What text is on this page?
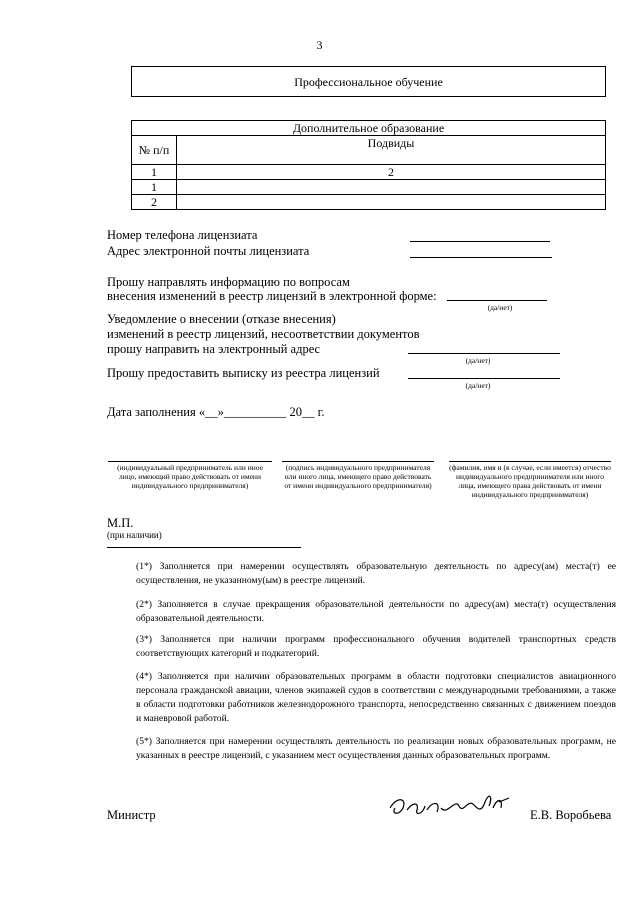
3
Профессиональное обучение
Дополнительное образование	
№ п/п	Подвиды
1	2
1	
2	
Номер телефона лицензиата
Адрес электронной почты лицензиата
Прошу направлять информацию по вопросам
внесения изменений в реестр лицензий в электронной форме:
(да/нет)
Уведомление о внесении (отказе внесения)
изменений в реестр лицензий, несоответствии документов
прошу направить на электронный адрес
(да/нет)
Прошу предоставить выписку из реестра лицензий
(да/нет)
Дата заполнения «__»__________ 20__ г.
(индивидуальный предприниматель или иное лицо, имеющий право действовать от имени индивидуального предпринимателя)
(подпись индивидуального предпринимателя или иного лица, имеющего право действовать от имени индивидуального предпринимателя)
(фамилия, имя и (в случае, если имеется) отчество индивидуального предпринимателя или иного лица, имеющего права действовать от имени индивидуального предпринимателя)
М.П.
(при наличии)
(1*) Заполняется при намерении осуществлять образовательную деятельность по адресу(ам) места(т) ее осуществления, не указанному(ым) в реестре лицензий.
(2*) Заполняется в случае прекращения образовательной деятельности по адресу(ам) места(т) осуществления образовательной деятельности.
(3*) Заполняется при наличии программ профессионального обучения водителей транспортных средств соответствующих категорий и подкатегорий.
(4*) Заполняется при наличии образовательных программ в области подготовки специалистов авиационного персонала гражданской авиации, членов экипажей судов в соответствии с международными требованиями, а также в области подготовки работников железнодорожного транспорта, непосредственно связанных с движением поездов и маневровой работой.
(5*) Заполняется при намерении осуществлять деятельность по реализации новых образовательных программ, не указанных в реестре лицензий, с указанием мест осуществления данных образовательных программ.
Министр	Е.В. Воробьева
